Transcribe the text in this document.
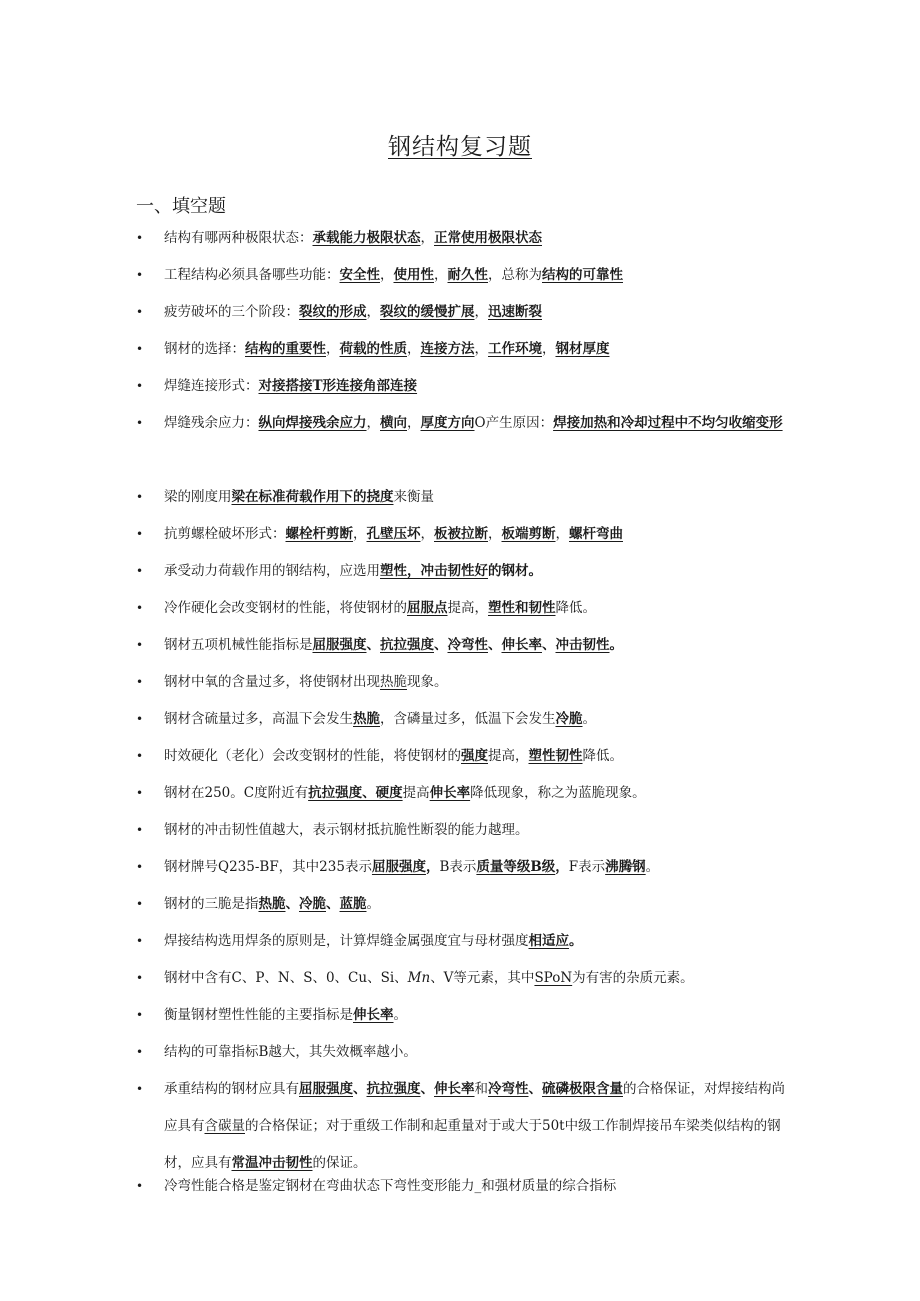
钢结构复习题
一、填空题
•	结构有哪两种极限状态：承载能力极限状态，正常使用极限状态
•	工程结构必须具备哪些功能：安全性，使用性，耐久性，总称为结构的可靠性
•	疲劳破坏的三个阶段：裂纹的形成，裂纹的缓慢扩展，迅速断裂
•	钢材的选择：结构的重要性，荷载的性质，连接方法，工作环境，钢材厚度
•	焊缝连接形式：对接搭接T形连接角部连接
•	焊缝残余应力：纵向焊接残余应力，横向，厚度方向O产生原因：焊接加热和冷却过程中不均匀收缩变形
•	梁的刚度用梁在标准荷载作用下的挠度来衡量
•	抗剪螺栓破坏形式：螺栓杆剪断，孔壁压坏，板被拉断，板端剪断，螺杆弯曲
•	承受动力荷载作用的钢结构，应选用塑性，冲击韧性好的钢材。
•	冷作硬化会改变钢材的性能，将使钢材的屈服点提高，塑性和韧性降低。
•	钢材五项机械性能指标是屈服强度、抗拉强度、冷弯性、伸长率、冲击韧性。
•	钢材中氧的含量过多，将使钢材出现热脆现象。
•	钢材含硫量过多，高温下会发生热脆，含磷量过多，低温下会发生冷脆。
•	时效硬化（老化）会改变钢材的性能，将使钢材的强度提高，塑性韧性降低。
•	钢材在250。C度附近有抗拉强度、硬度提高伸长率降低现象，称之为蓝脆现象。
•	钢材的冲击韧性值越大，表示钢材抵抗脆性断裂的能力越理。
•	钢材牌号Q235-BF，其中235表示屈服强度，B表示质量等级B级，F表示沸腾钢。
•	钢材的三脆是指热脆、冷脆、蓝脆。
•	焊接结构选用焊条的原则是，计算焊缝金属强度宜与母材强度相适应。
•	钢材中含有C、P、N、S、0、Cu、Si、Mn、V等元素，其中SPoN为有害的杂质元素。
•	衡量钢材塑性性能的主要指标是伸长率。
•	结构的可靠指标B越大，其失效概率越小。
•	承重结构的钢材应具有屈服强度、抗拉强度、伸长率和冷弯性、硫磷极限含量的合格保证，对焊接结构尚应具有含碳量的合格保证；对于重级工作制和起重量对于或大于50t中级工作制焊接吊车梁类似结构的钢材，应具有常温冲击韧性的保证。
•	冷弯性能合格是鉴定钢材在弯曲状态下弯性变形能力_和强材质量的综合指标
